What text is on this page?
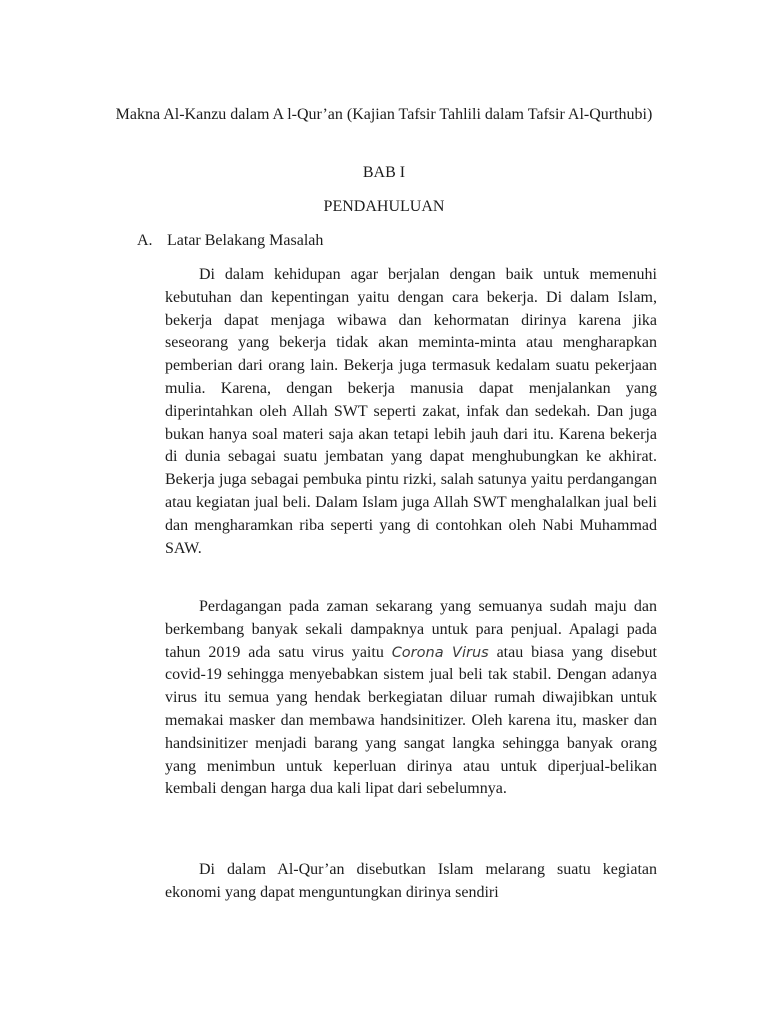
Makna Al-Kanzu dalam A l-Qur’an (Kajian Tafsir Tahlili dalam Tafsir Al-Qurthubi)
BAB I
PENDAHULUAN
A. Latar Belakang Masalah

Di dalam kehidupan agar berjalan dengan baik untuk memenuhi kebutuhan dan kepentingan yaitu dengan cara bekerja. Di dalam Islam, bekerja dapat menjaga wibawa dan kehormatan dirinya karena jika seseorang yang bekerja tidak akan meminta-minta atau mengharapkan pemberian dari orang lain. Bekerja juga termasuk kedalam suatu pekerjaan mulia. Karena, dengan bekerja manusia dapat menjalankan yang diperintahkan oleh Allah SWT seperti zakat, infak dan sedekah. Dan juga bukan hanya soal materi saja akan tetapi lebih jauh dari itu. Karena bekerja di dunia sebagai suatu jembatan yang dapat menghubungkan ke akhirat. Bekerja juga sebagai pembuka pintu rizki, salah satunya yaitu perdangangan atau kegiatan jual beli. Dalam Islam juga Allah SWT menghalalkan jual beli dan mengharamkan riba seperti yang di contohkan oleh Nabi Muhammad SAW.

Perdagangan pada zaman sekarang yang semuanya sudah maju dan berkembang banyak sekali dampaknya untuk para penjual. Apalagi pada tahun 2019 ada satu virus yaitu Corona Virus atau biasa yang disebut covid-19 sehingga menyebabkan sistem jual beli tak stabil. Dengan adanya virus itu semua yang hendak berkegiatan diluar rumah diwajibkan untuk memakai masker dan membawa handsinitizer. Oleh karena itu, masker dan handsinitizer menjadi barang yang sangat langka sehingga banyak orang yang menimbun untuk keperluan dirinya atau untuk diperjual-belikan kembali dengan harga dua kali lipat dari sebelumnya.

Di dalam Al-Qur’an disebutkan Islam melarang suatu kegiatan ekonomi yang dapat menguntungkan dirinya sendiri
